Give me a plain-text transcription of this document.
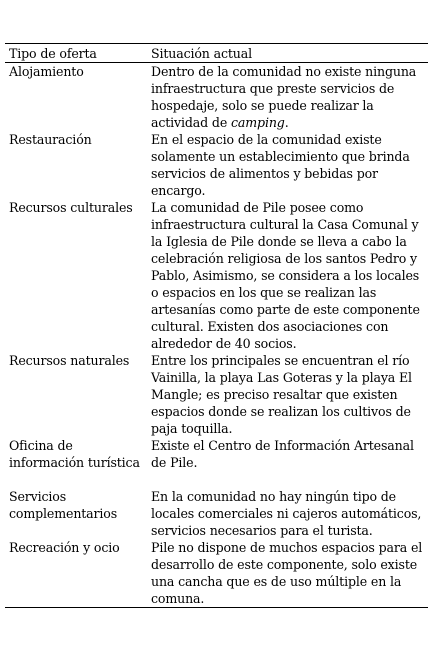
Tipo de oferta	Situación actual
Alojamiento	Dentro de la comunidad no existe ninguna infraestructura que preste servicios de hospedaje, solo se puede realizar la actividad de camping.
Restauración	En el espacio de la comunidad existe solamente un establecimiento que brinda servicios de alimentos y bebidas por encargo.
Recursos culturales	La comunidad de Pile posee como infraestructura cultural la Casa Comunal y la Iglesia de Pile donde se lleva a cabo la celebración religiosa de los santos Pedro y Pablo, Asimismo, se considera a los locales o espacios en los que se realizan las artesanías como parte de este componente cultural. Existen dos asociaciones con alrededor de 40 socios.
Recursos naturales	Entre los principales se encuentran el río Vainilla, la playa Las Goteras y la playa El Mangle; es preciso resaltar que existen espacios donde se realizan los cultivos de paja toquilla.
Oficina de información turística	Existe el Centro de Información Artesanal de Pile.
Servicios complementarios	En la comunidad no hay ningún tipo de locales comerciales ni cajeros automáticos, servicios necesarios para el turista.
Recreación y ocio	Pile no dispone de muchos espacios para el desarrollo de este componente, solo existe una cancha que es de uso múltiple en la comuna.
